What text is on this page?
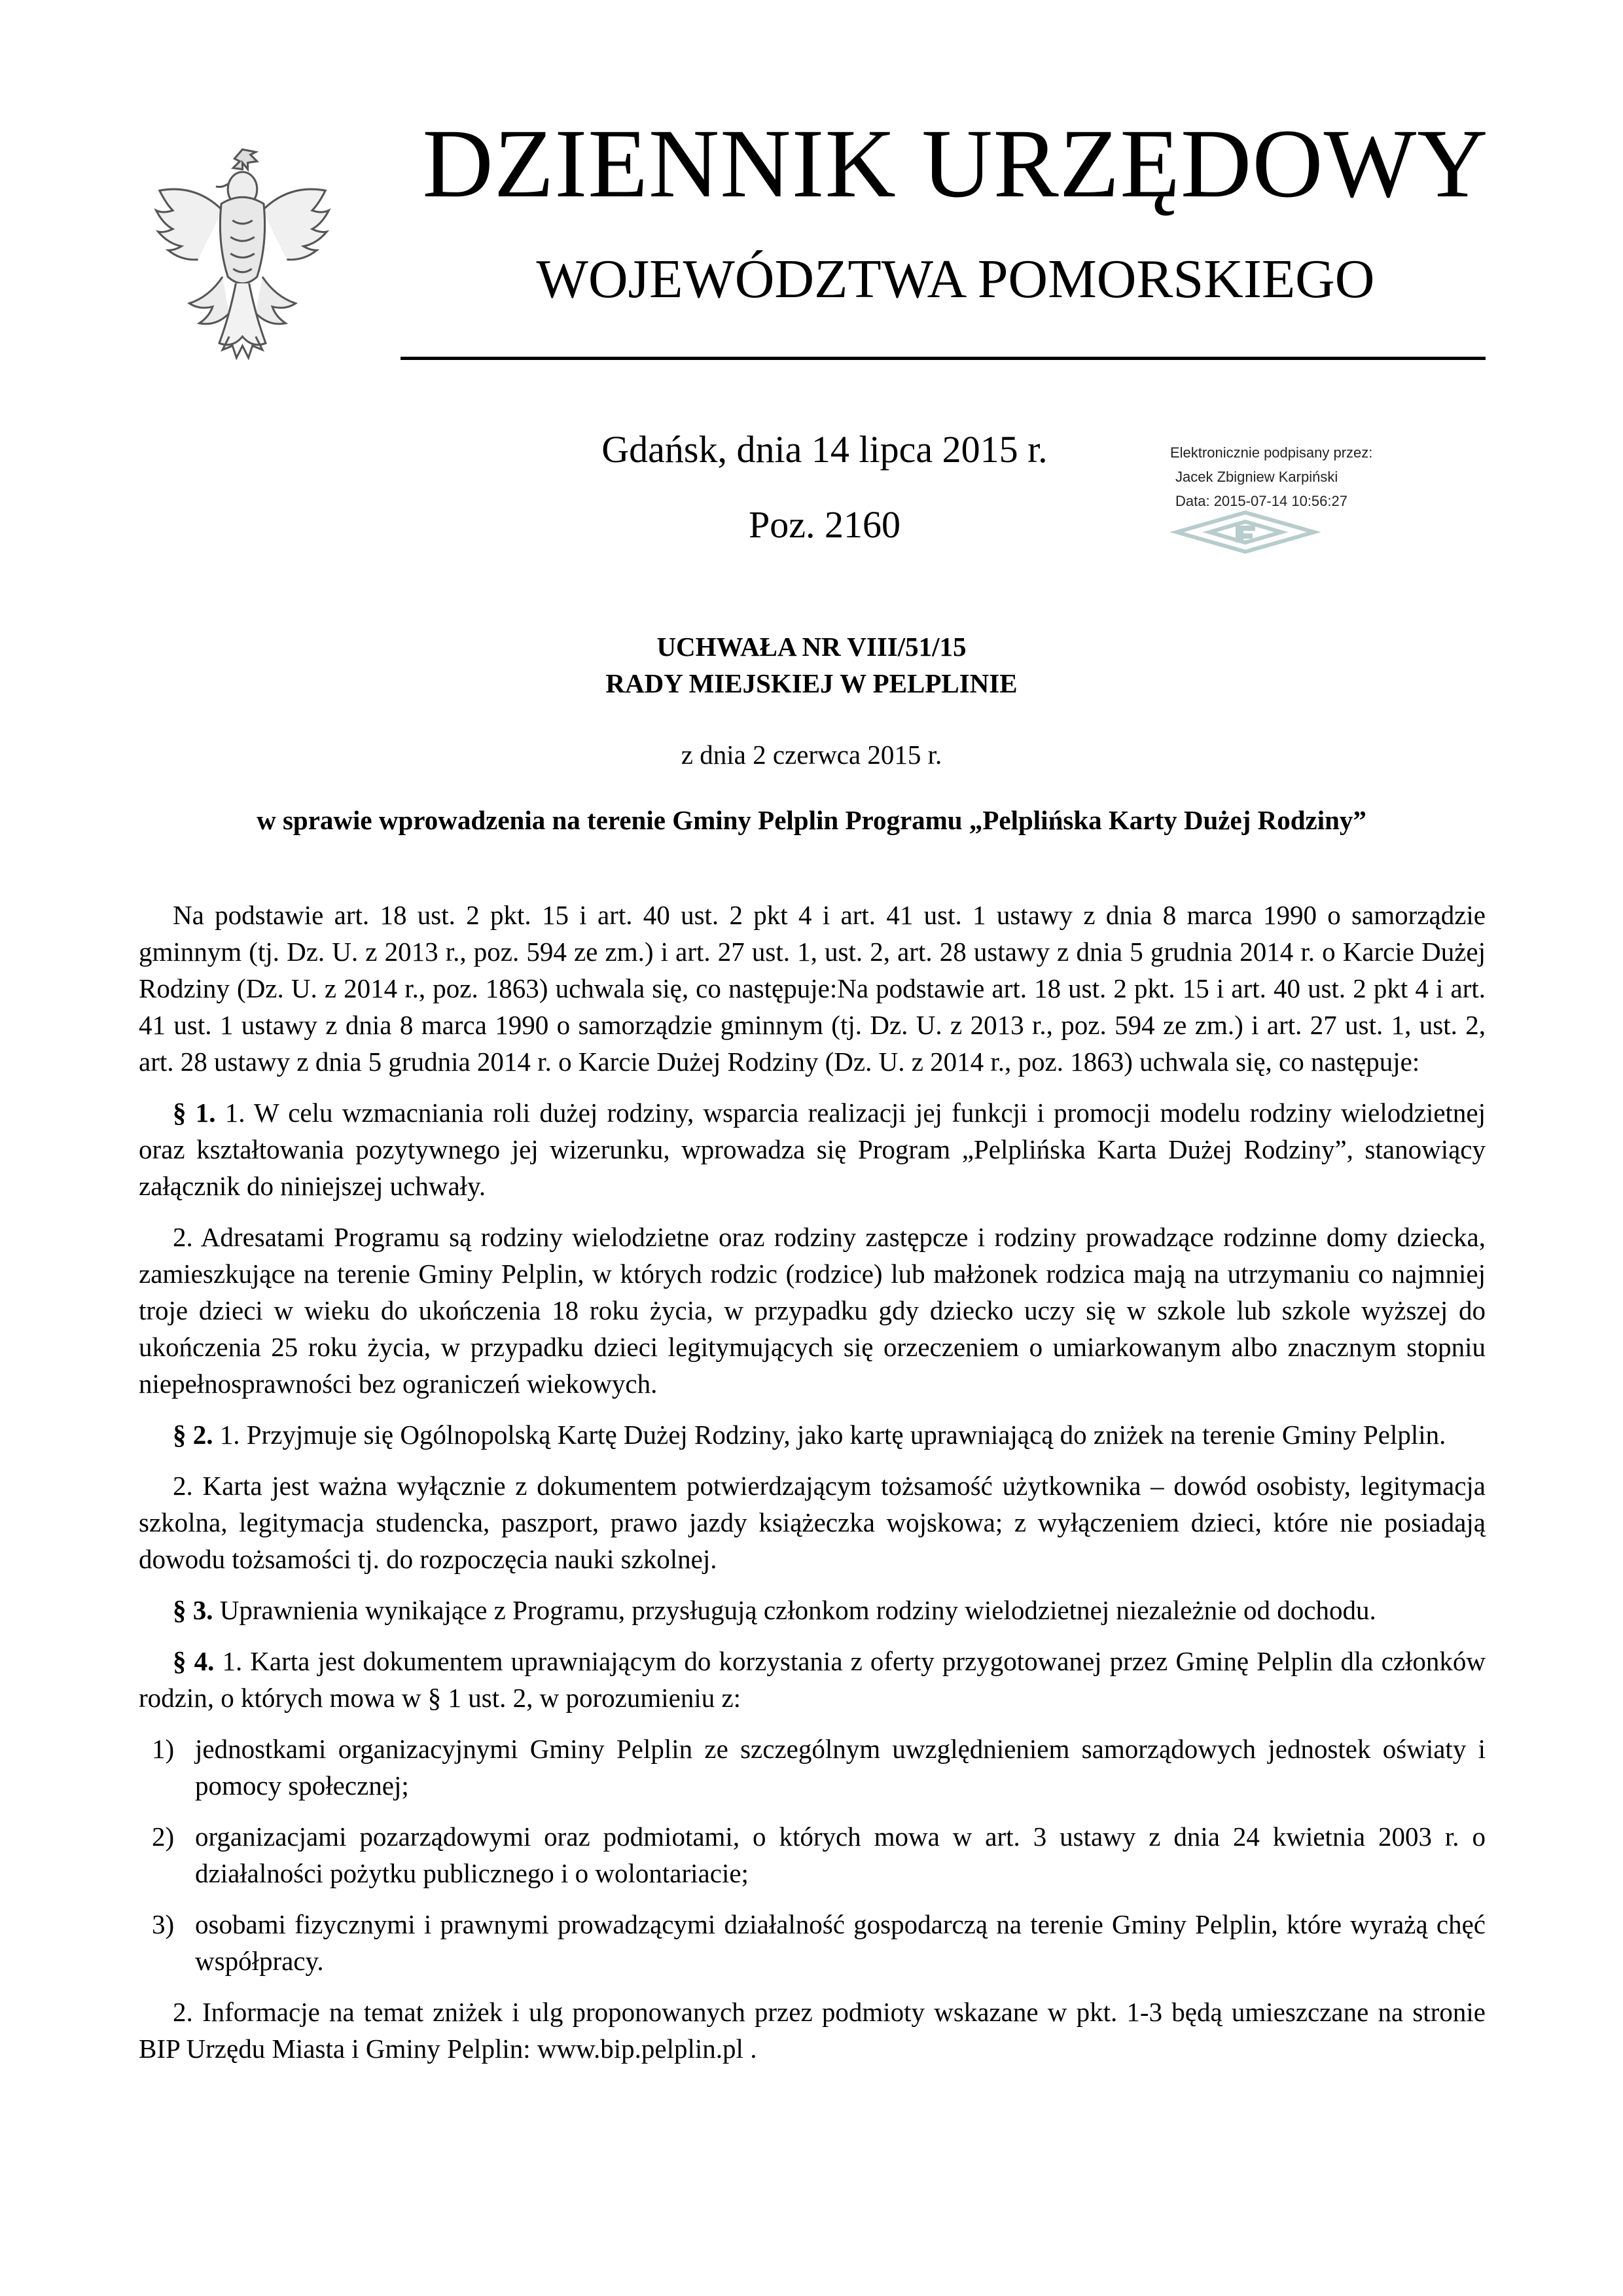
DZIENNIK URZĘDOWY
WOJEWÓDZTWA POMORSKIEGO
Gdańsk, dnia 14 lipca 2015 r.
Poz. 2160
Elektronicznie podpisany przez:
Jacek Zbigniew Karpiński
Data: 2015-07-14 10:56:27
UCHWAŁA NR VIII/51/15
RADY MIEJSKIEJ W PELPLINIE
z dnia 2 czerwca 2015 r.
w sprawie wprowadzenia na terenie Gminy Pelplin Programu „Pelplińska Karty Dużej Rodziny”

Na podstawie art. 18 ust. 2 pkt. 15 i art. 40 ust. 2 pkt 4 i art. 41 ust. 1 ustawy z dnia 8 marca 1990 o samorządzie gminnym (tj. Dz. U. z 2013 r., poz. 594 ze zm.) i art. 27 ust. 1, ust. 2, art. 28 ustawy z dnia 5 grudnia 2014 r. o Karcie Dużej Rodziny (Dz. U. z 2014 r., poz. 1863) uchwala się, co następuje:Na podstawie art. 18 ust. 2 pkt. 15 i art. 40 ust. 2 pkt 4 i art. 41 ust. 1 ustawy z dnia 8 marca 1990 o samorządzie gminnym (tj. Dz. U. z 2013 r., poz. 594 ze zm.) i art. 27 ust. 1, ust. 2, art. 28 ustawy z dnia 5 grudnia 2014 r. o Karcie Dużej Rodziny (Dz. U. z 2014 r., poz. 1863) uchwala się, co następuje:

§ 1. 1. W celu wzmacniania roli dużej rodziny, wsparcia realizacji jej funkcji i promocji modelu rodziny wielodzietnej oraz kształtowania pozytywnego jej wizerunku, wprowadza się Program „Pelplińska Karta Dużej Rodziny”, stanowiący załącznik do niniejszej uchwały.

2. Adresatami Programu są rodziny wielodzietne oraz rodziny zastępcze i rodziny prowadzące rodzinne domy dziecka, zamieszkujące na terenie Gminy Pelplin, w których rodzic (rodzice) lub małżonek rodzica mają na utrzymaniu co najmniej troje dzieci w wieku do ukończenia 18 roku życia, w przypadku gdy dziecko uczy się w szkole lub szkole wyższej do ukończenia 25 roku życia, w przypadku dzieci legitymujących się orzeczeniem o umiarkowanym albo znacznym stopniu niepełnosprawności bez ograniczeń wiekowych.

§ 2. 1. Przyjmuje się Ogólnopolską Kartę Dużej Rodziny, jako kartę uprawniającą do zniżek na terenie Gminy Pelplin.

2. Karta jest ważna wyłącznie z dokumentem potwierdzającym tożsamość użytkownika – dowód osobisty, legitymacja szkolna, legitymacja studencka, paszport, prawo jazdy książeczka wojskowa; z wyłączeniem dzieci, które nie posiadają dowodu tożsamości tj. do rozpoczęcia nauki szkolnej.

§ 3. Uprawnienia wynikające z Programu, przysługują członkom rodziny wielodzietnej niezależnie od dochodu.

§ 4. 1. Karta jest dokumentem uprawniającym do korzystania z oferty przygotowanej przez Gminę Pelplin dla członków rodzin, o których mowa w § 1 ust. 2, w porozumieniu z:

1) jednostkami organizacyjnymi Gminy Pelplin ze szczególnym uwzględnieniem samorządowych jednostek oświaty i pomocy społecznej;
2) organizacjami pozarządowymi oraz podmiotami, o których mowa w art. 3 ustawy z dnia 24 kwietnia 2003 r. o działalności pożytku publicznego i o wolontariacie;
3) osobami fizycznymi i prawnymi prowadzącymi działalność gospodarczą na terenie Gminy Pelplin, które wyrażą chęć współpracy.

2. Informacje na temat zniżek i ulg proponowanych przez podmioty wskazane w pkt. 1-3 będą umieszczane na stronie BIP Urzędu Miasta i Gminy Pelplin: www.bip.pelplin.pl .
